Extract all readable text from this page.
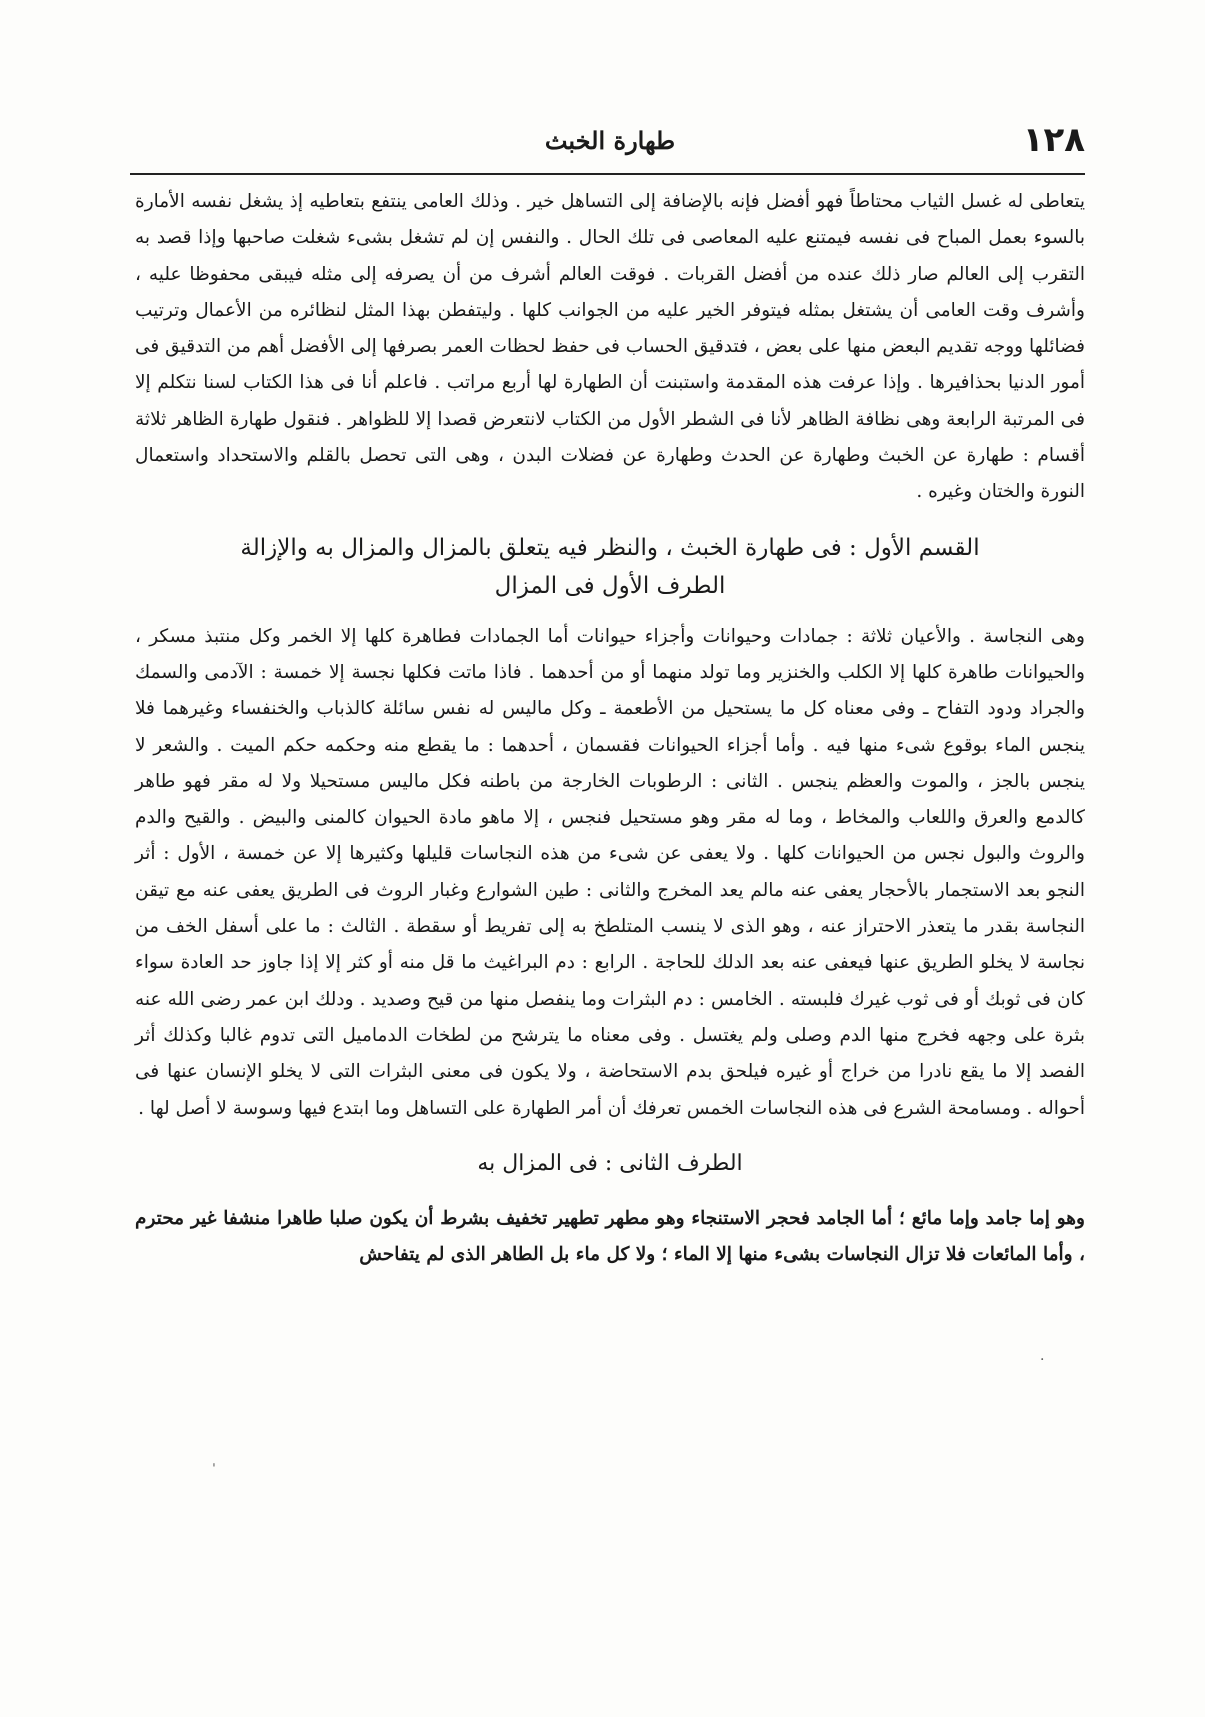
١٢٨
طهارة الخبث

يتعاطى له غسل الثياب محتاطاً فهو أفضل فإنه بالإضافة إلى التساهل خير . وذلك العامى ينتفع بتعاطيه إذ يشغل نفسه الأمارة بالسوء بعمل المباح فى نفسه فيمتنع عليه المعاصى فى تلك الحال . والنفس إن لم تشغل بشىء شغلت صاحبها وإذا قصد به التقرب إلى العالم صار ذلك عنده من أفضل القربات . فوقت العالم أشرف من أن يصرفه إلى مثله فيبقى محفوظا عليه ، وأشرف وقت العامى أن يشتغل بمثله فيتوفر الخير عليه من الجوانب كلها . وليتفطن بهذا المثل لنظائره من الأعمال وترتيب فضائلها ووجه تقديم البعض منها على بعض ، فتدقيق الحساب فى حفظ لحظات العمر بصرفها إلى الأفضل أهم من التدقيق فى أمور الدنيا بحذافيرها . وإذا عرفت هذه المقدمة واستبنت أن الطهارة لها أربع مراتب . فاعلم أنا فى هذا الكتاب لسنا نتكلم إلا فى المرتبة الرابعة وهى نظافة الظاهر لأنا فى الشطر الأول من الكتاب لانتعرض قصدا إلا للظواهر . فنقول طهارة الظاهر ثلاثة أقسام : طهارة عن الخبث وطهارة عن الحدث وطهارة عن فضلات البدن ، وهى التى تحصل بالقلم والاستحداد واستعمال النورة والختان وغيره .

القسم الأول : فى طهارة الخبث ، والنظر فيه يتعلق بالمزال والمزال به والإزالة

الطرف الأول فى المزال

وهى النجاسة . والأعيان ثلاثة : جمادات وحيوانات وأجزاء حيوانات أما الجمادات فطاهرة كلها إلا الخمر وكل منتبذ مسكر ، والحيوانات طاهرة كلها إلا الكلب والخنزير وما تولد منهما أو من أحدهما . فاذا ماتت فكلها نجسة إلا خمسة : الآدمى والسمك والجراد ودود التفاح ـ وفى معناه كل ما يستحيل من الأطعمة ـ وكل ماليس له نفس سائلة كالذباب والخنفساء وغيرهما فلا ينجس الماء بوقوع شىء منها فيه . وأما أجزاء الحيوانات فقسمان ، أحدهما : ما يقطع منه وحكمه حكم الميت . والشعر لا ينجس بالجز ، والموت والعظم ينجس . الثانى : الرطوبات الخارجة من باطنه فكل ماليس مستحيلا ولا له مقر فهو طاهر كالدمع والعرق واللعاب والمخاط ، وما له مقر وهو مستحيل فنجس ، إلا ماهو مادة الحيوان كالمنى والبيض . والقيح والدم والروث والبول نجس من الحيوانات كلها . ولا يعفى عن شىء من هذه النجاسات قليلها وكثيرها إلا عن خمسة ، الأول : أثر النجو بعد الاستجمار بالأحجار يعفى عنه مالم يعد المخرج والثانى : طين الشوارع وغبار الروث فى الطريق يعفى عنه مع تيقن النجاسة بقدر ما يتعذر الاحتراز عنه ، وهو الذى لا ينسب المتلطخ به إلى تفريط أو سقطة . الثالث : ما على أسفل الخف من نجاسة لا يخلو الطريق عنها فيعفى عنه بعد الدلك للحاجة . الرابع : دم البراغيث ما قل منه أو كثر إلا إذا جاوز حد العادة سواء كان فى ثوبك أو فى ثوب غيرك فلبسته . الخامس : دم البثرات وما ينفصل منها من قيح وصديد . ودلك ابن عمر رضى الله عنه بثرة على وجهه فخرج منها الدم وصلى ولم يغتسل . وفى معناه ما يترشح من لطخات الدماميل التى تدوم غالبا وكذلك أثر الفصد إلا ما يقع نادرا من خراج أو غيره فيلحق بدم الاستحاضة ، ولا يكون فى معنى البثرات التى لا يخلو الإنسان عنها فى أحواله . ومسامحة الشرع فى هذه النجاسات الخمس تعرفك أن أمر الطهارة على التساهل وما ابتدع فيها وسوسة لا أصل لها .

الطرف الثانى : فى المزال به

وهو إما جامد وإما مائع ؛ أما الجامد فحجر الاستنجاء وهو مطهر تطهير تخفيف بشرط أن يكون صلبا طاهرا منشفا غير محترم ، وأما المائعات فلا تزال النجاسات بشىء منها إلا الماء ؛ ولا كل ماء بل الطاهر الذى لم يتفاحش

·
ˈ
